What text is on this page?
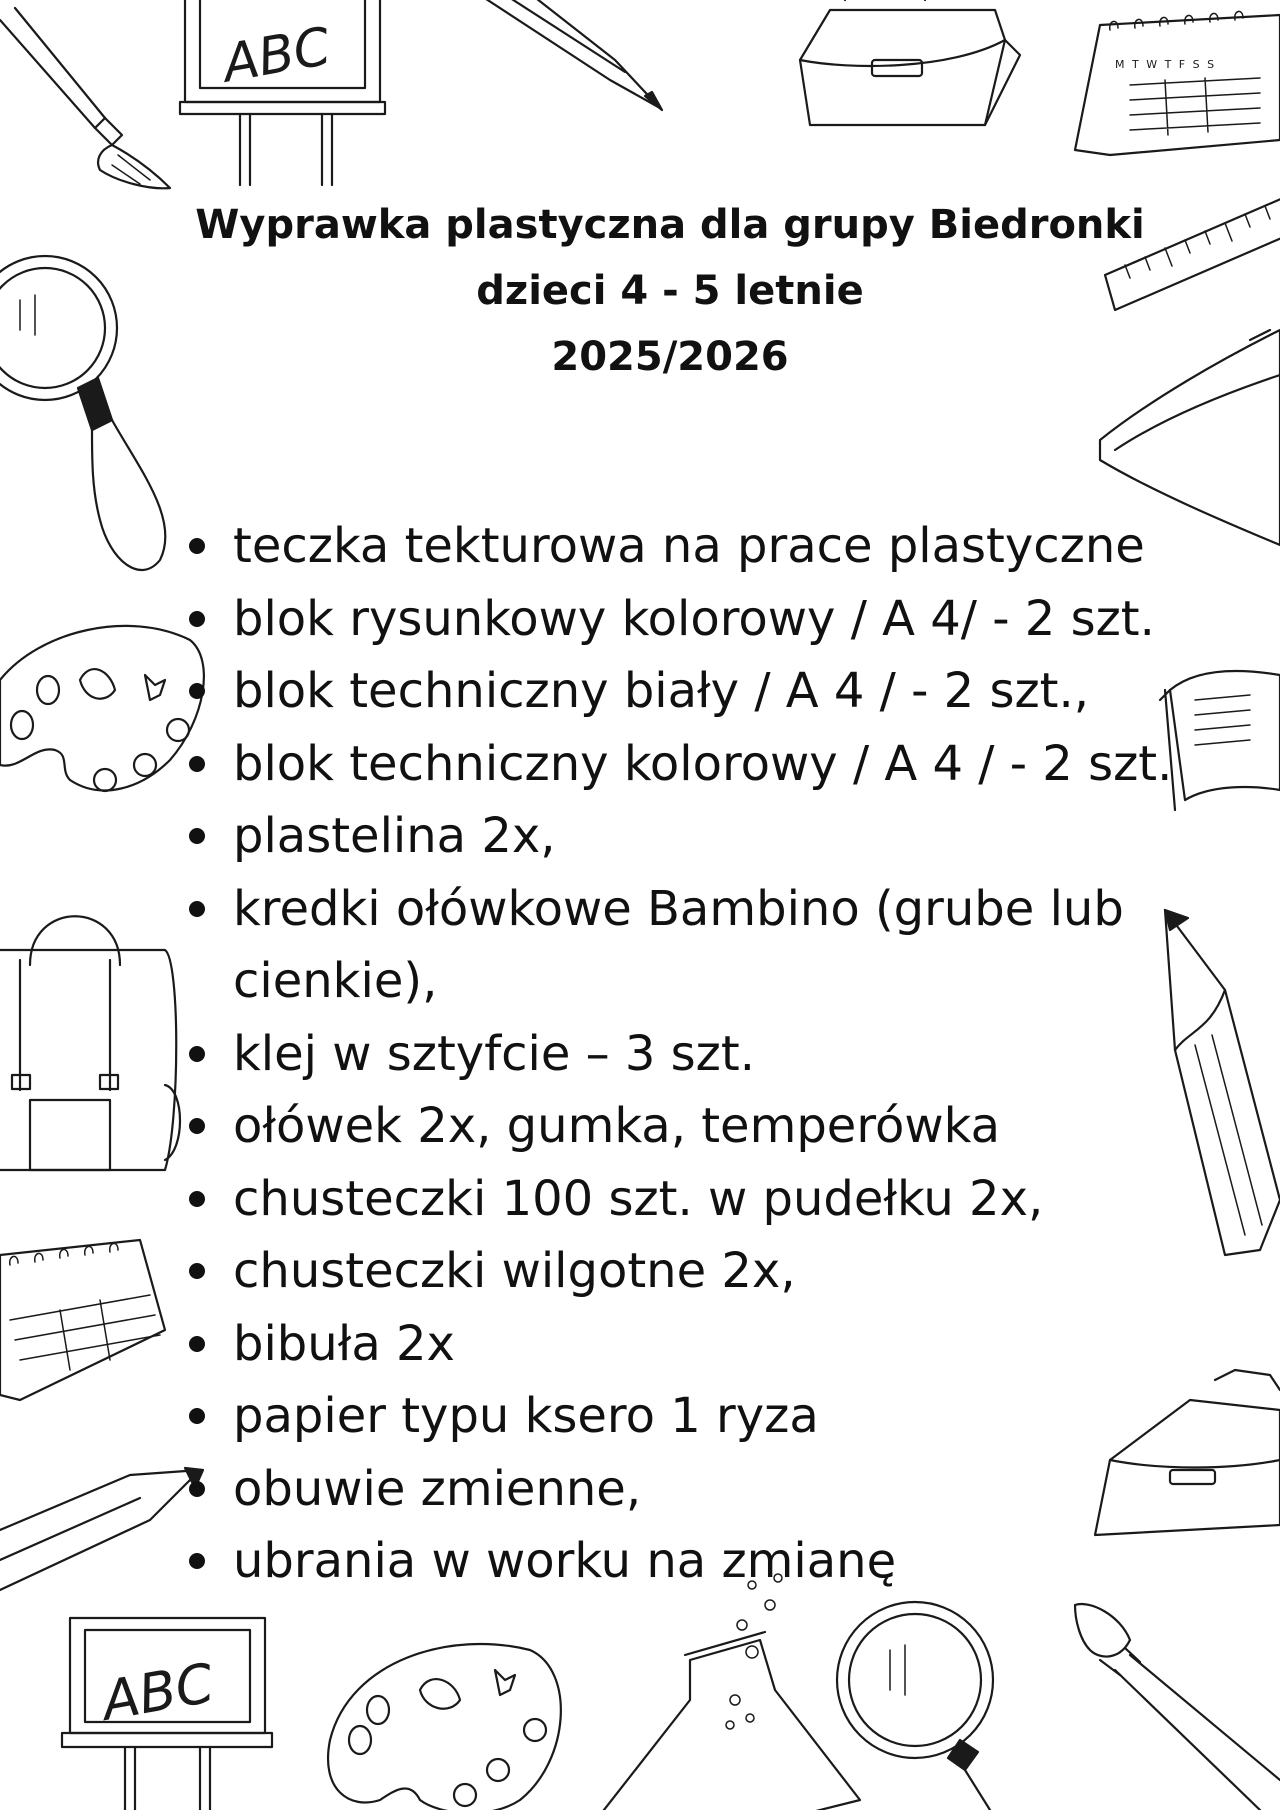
ABC	M T W T F S S
ABC
Wyprawka plastyczna dla grupy Biedronki
dzieci 4 - 5 letnie
2025/2026
teczka tekturowa na prace plastyczne
blok rysunkowy kolorowy / A 4/ - 2 szt.
blok techniczny biały / A 4 / - 2 szt.,
blok techniczny kolorowy / A 4 / - 2 szt.
plastelina 2x,
kredki ołówkowe Bambino (grube lub cienkie),
klej w sztyfcie – 3 szt.
ołówek 2x, gumka, temperówka
chusteczki 100 szt. w pudełku 2x,
chusteczki wilgotne 2x,
bibuła 2x
papier typu ksero 1 ryza
obuwie zmienne,
ubrania w worku na zmianę
